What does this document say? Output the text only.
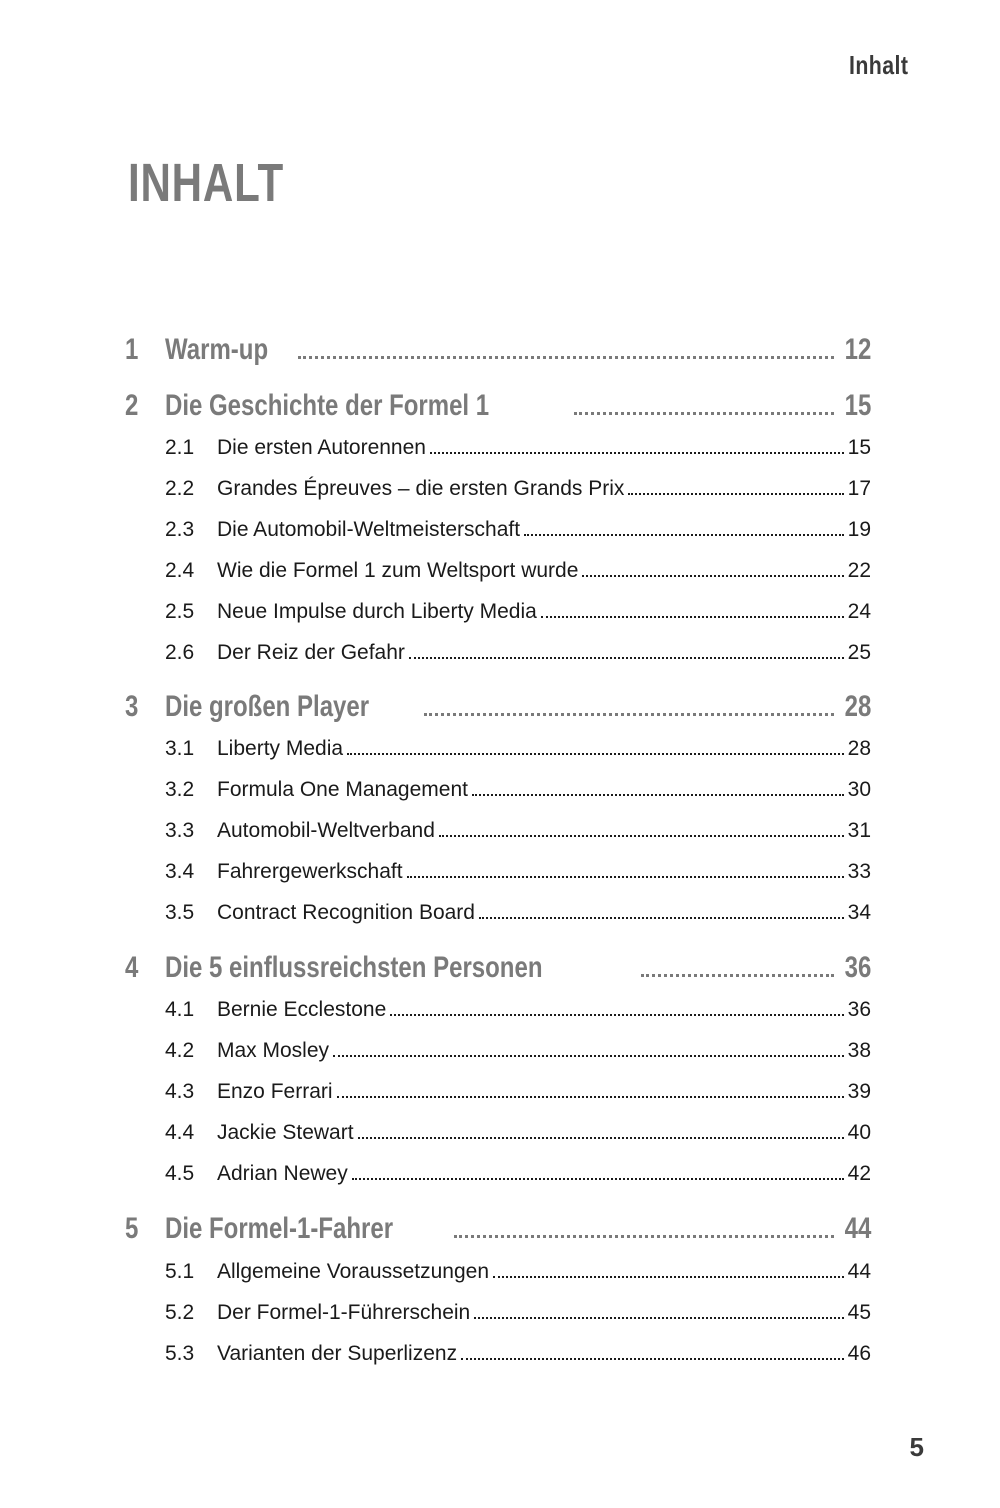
Inhalt
INHALT
1 Warm-up	12
2 Die Geschichte der Formel 1	15
2.1	Die ersten Autorennen	15
2.2	Grandes Épreuves – die ersten Grands Prix	17
2.3	Die Automobil-Weltmeisterschaft	19
2.4	Wie die Formel 1 zum Weltsport wurde	22
2.5	Neue Impulse durch Liberty Media	24
2.6	Der Reiz der Gefahr	25
3 Die großen Player	28
3.1	Liberty Media	28
3.2	Formula One Management	30
3.3	Automobil-Weltverband	31
3.4	Fahrergewerkschaft	33
3.5	Contract Recognition Board	34
4 Die 5 einflussreichsten Personen	36
4.1	Bernie Ecclestone	36
4.2	Max Mosley	38
4.3	Enzo Ferrari	39
4.4	Jackie Stewart	40
4.5	Adrian Newey	42
5 Die Formel-1-Fahrer	44
5.1	Allgemeine Voraussetzungen	44
5.2	Der Formel-1-Führerschein	45
5.3	Varianten der Superlizenz	46
5
